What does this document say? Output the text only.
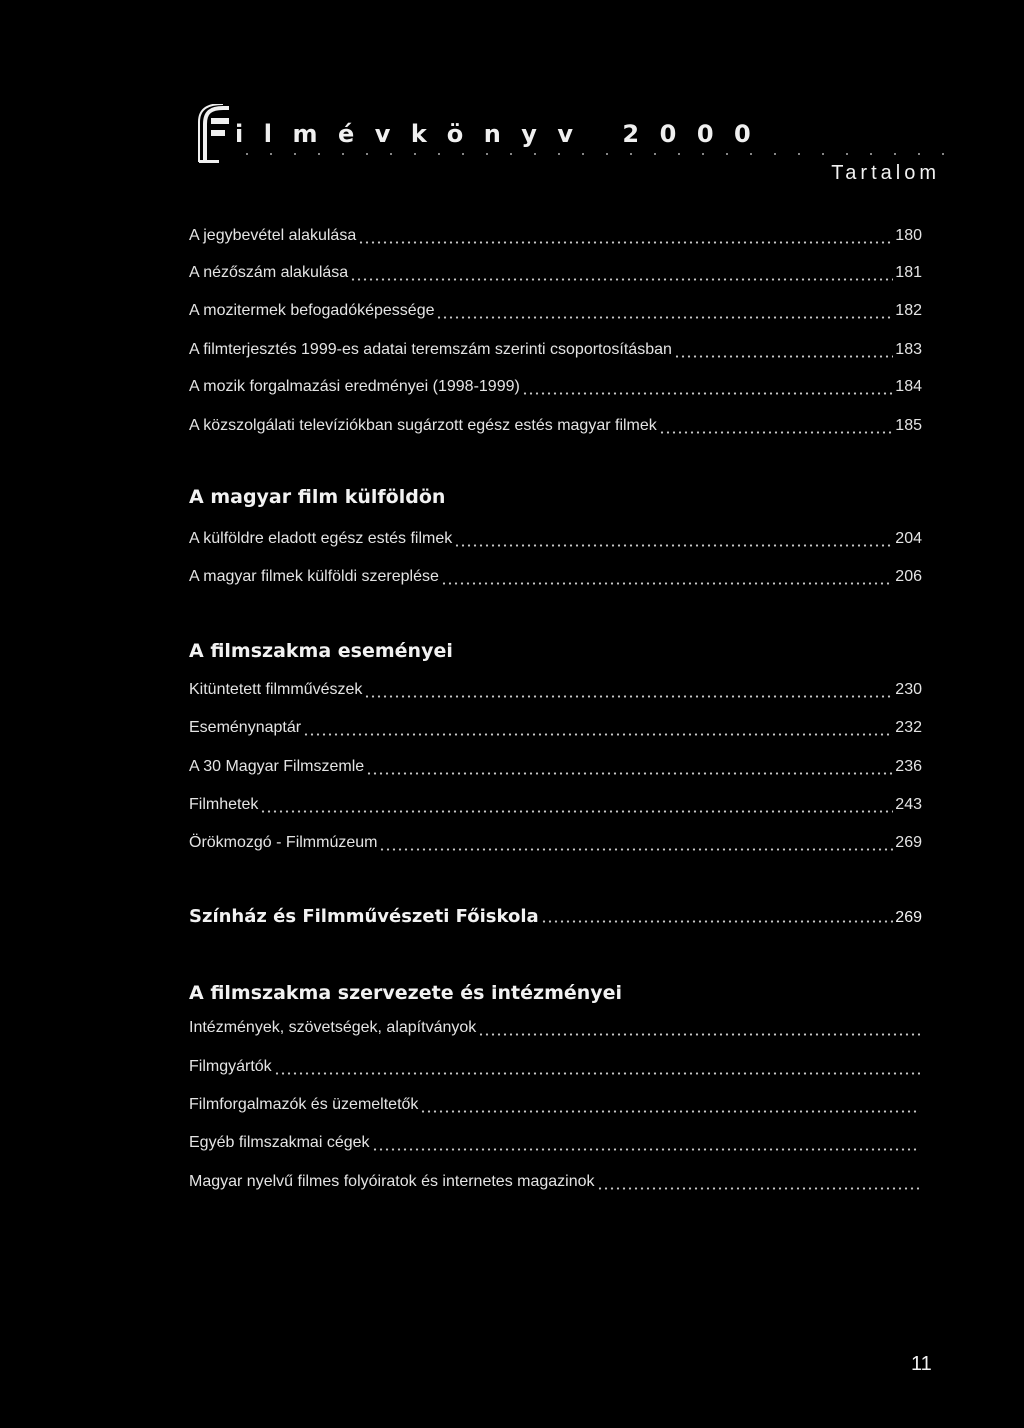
ilmévkönyv 2000
Tartalom
A jegybevétel alakulása	180
A nézőszám alakulása	181
A mozitermek befogadóképessége	182
A filmterjesztés 1999-es adatai teremszám szerinti csoportosításban	183
A mozik forgalmazási eredményei (1998-1999)	184
A közszolgálati televíziókban sugárzott egész estés magyar filmek	185
A magyar film külföldön
A külföldre eladott egész estés filmek	204
A magyar filmek külföldi szereplése	206
A filmszakma eseményei
Kitüntetett filmművészek	230
Eseménynaptár	232
A 30 Magyar Filmszemle	236
Filmhetek	243
Örökmozgó - Filmmúzeum	269
Színház és Filmművészeti Főiskola	269
A filmszakma szervezete és intézményei
Intézmények, szövetségek, alapítványok
Filmgyártók
Filmforgalmazók és üzemeltetők
Egyéb filmszakmai cégek
Magyar nyelvű filmes folyóiratok és internetes magazinok
11
